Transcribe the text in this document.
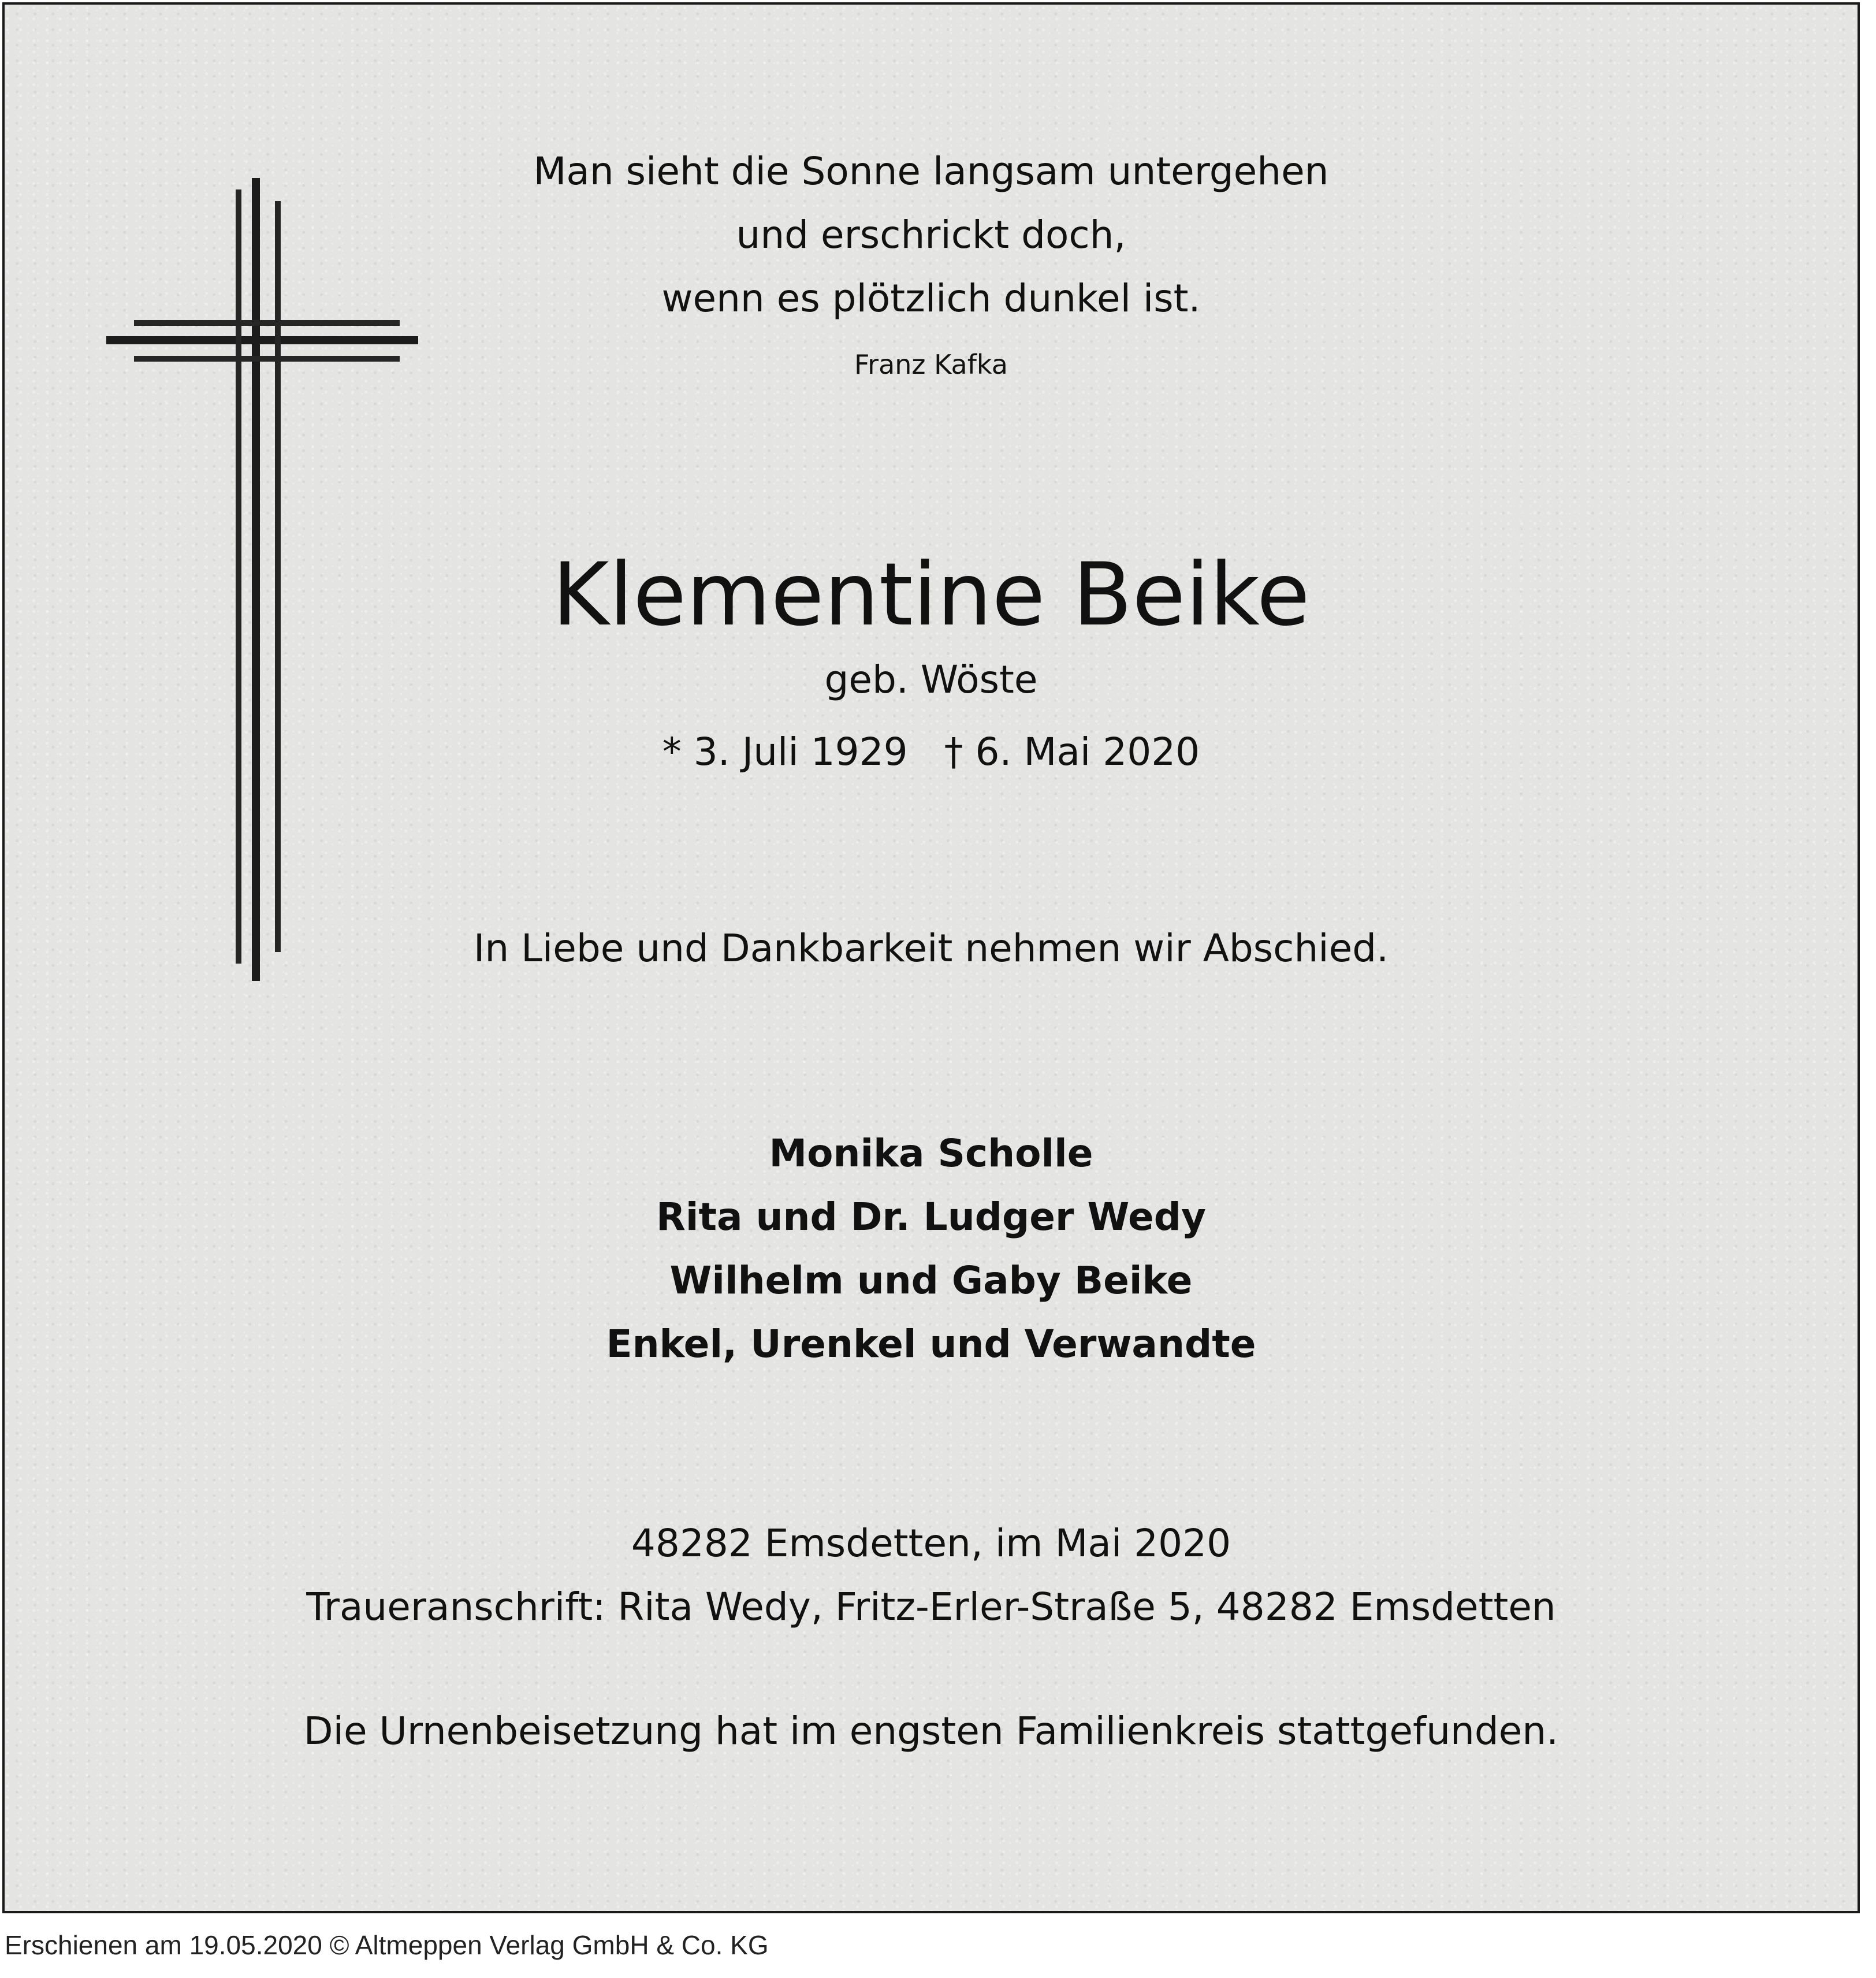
Man sieht die Sonne langsam untergehen
und erschrickt doch,
wenn es plötzlich dunkel ist.
Franz Kafka
Klementine Beike
geb. Wöste
* 3. Juli 1929   † 6. Mai 2020
In Liebe und Dankbarkeit nehmen wir Abschied.
Monika Scholle
Rita und Dr. Ludger Wedy
Wilhelm und Gaby Beike
Enkel, Urenkel und Verwandte
48282 Emsdetten, im Mai 2020
Traueranschrift: Rita Wedy, Fritz-Erler-Straße 5, 48282 Emsdetten
Die Urnenbeisetzung hat im engsten Familienkreis stattgefunden.
Erschienen am 19.05.2020 © Altmeppen Verlag GmbH & Co. KG
